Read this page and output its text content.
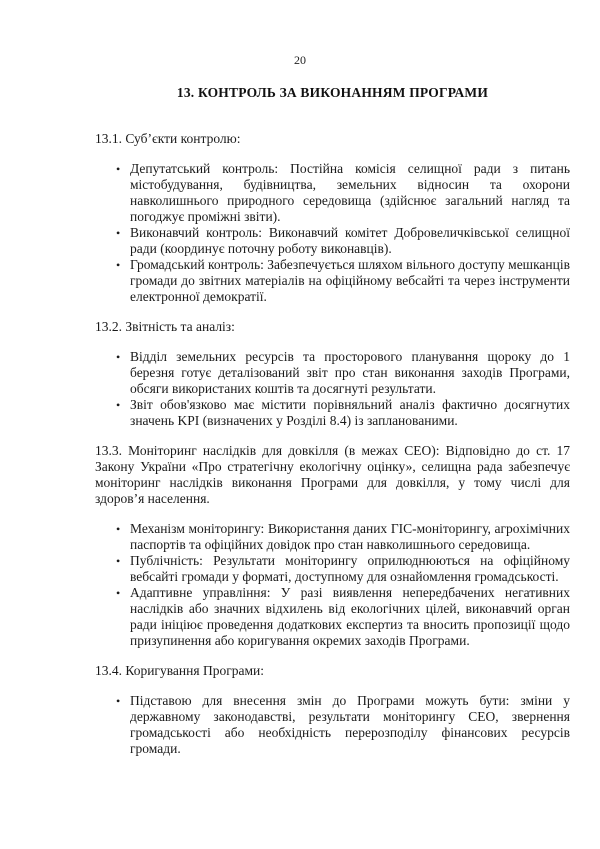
20
13. КОНТРОЛЬ ЗА ВИКОНАННЯМ ПРОГРАМИ

13.1. Суб’єкти контролю:

• Депутатський контроль: Постійна комісія селищної ради з питань містобудування, будівництва, земельних відносин та охорони навколишнього природного середовища (здійснює загальний нагляд та погоджує проміжні звіти).
• Виконавчий контроль: Виконавчий комітет Добровеличківської селищної ради (координує поточну роботу виконавців).
• Громадський контроль: Забезпечується шляхом вільного доступу мешканців громади до звітних матеріалів на офіційному вебсайті та через інструменти електронної демократії.

13.2. Звітність та аналіз:

• Відділ земельних ресурсів та просторового планування щороку до 1 березня готує деталізований звіт про стан виконання заходів Програми, обсяги використаних коштів та досягнуті результати.
• Звіт обов'язково має містити порівняльний аналіз фактично досягнутих значень KPI (визначених у Розділі 8.4) із запланованими.

13.3. Моніторинг наслідків для довкілля (в межах СЕО): Відповідно до ст. 17 Закону України «Про стратегічну екологічну оцінку», селищна рада забезпечує моніторинг наслідків виконання Програми для довкілля, у тому числі для здоров’я населення.

• Механізм моніторингу: Використання даних ГІС-моніторингу, агрохімічних паспортів та офіційних довідок про стан навколишнього середовища.
• Публічність: Результати моніторингу оприлюднюються на офіційному вебсайті громади у форматі, доступному для ознайомлення громадськості.
• Адаптивне управління: У разі виявлення непередбачених негативних наслідків або значних відхилень від екологічних цілей, виконавчий орган ради ініціює проведення додаткових експертиз та вносить пропозиції щодо призупинення або коригування окремих заходів Програми.

13.4. Коригування Програми:

• Підставою для внесення змін до Програми можуть бути: зміни у державному законодавстві, результати моніторингу СЕО, звернення громадськості або необхідність перерозподілу фінансових ресурсів громади.
